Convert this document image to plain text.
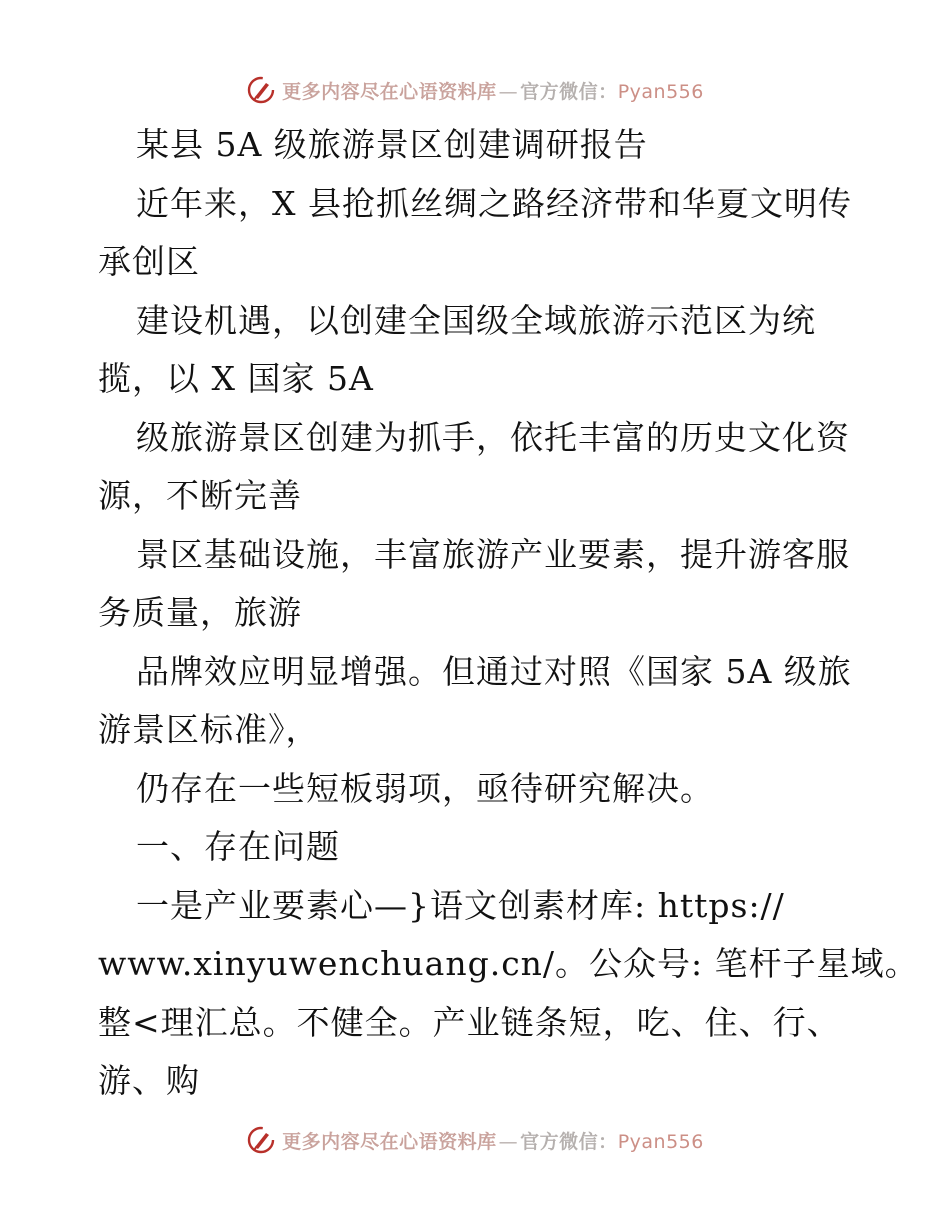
更多内容尽在心语资料库 — 官方微信：Pyan556
某县 5A 级旅游景区创建调研报告
近年来，X 县抢抓丝绸之路经济带和华夏文明传
承创区
建设机遇，以创建全国级全域旅游示范区为统
揽，以 X 国家 5A
级旅游景区创建为抓手，依托丰富的历史文化资
源，不断完善
景区基础设施，丰富旅游产业要素，提升游客服
务质量，旅游
品牌效应明显增强。但通过对照《国家 5A 级旅
游景区标准》，
仍存在一些短板弱项，亟待研究解决。
一、存在问题
一是产业要素心—}语文创素材库: https://
www.xinyuwenchuang.cn/。公众号: 笔杆子星域。
整<理汇总。不健全。产业链条短，吃、住、行、
游、购
更多内容尽在心语资料库 — 官方微信：Pyan556
